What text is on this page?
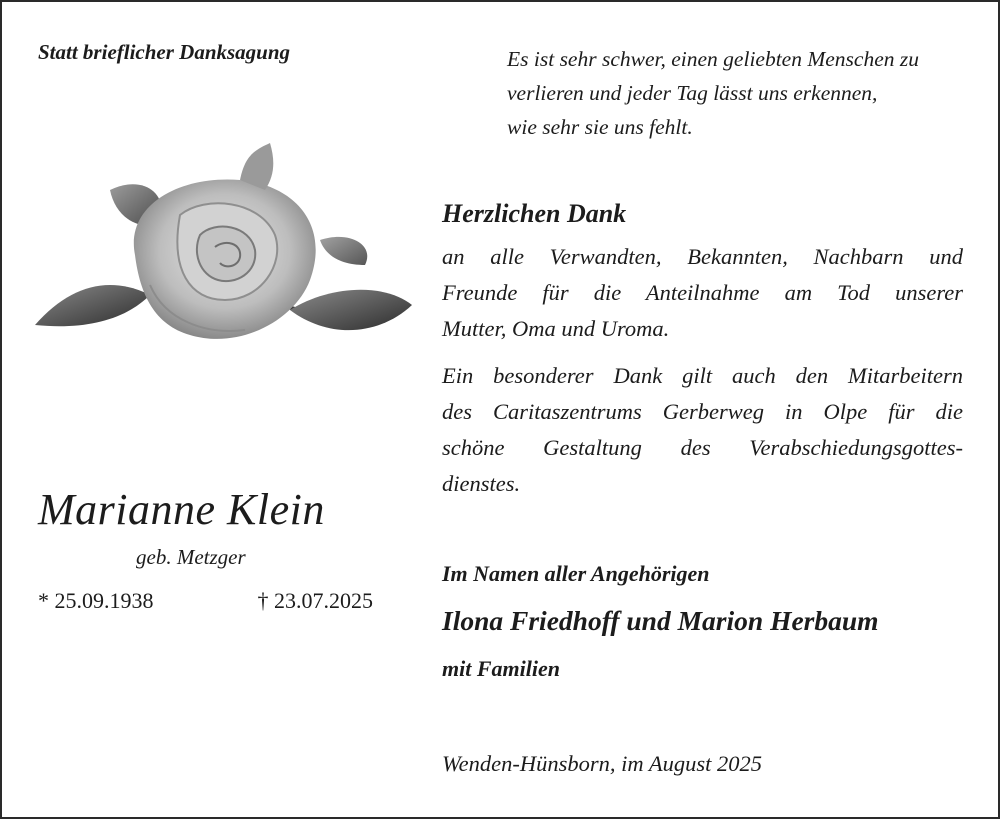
Statt brieflicher Danksagung	Es ist sehr schwer, einen geliebten Menschen zu
verlieren und jeder Tag lässt uns erkennen,
wie sehr sie uns fehlt.
Marianne Klein
geb. Metzger
* 25.09.1938	† 23.07.2025
Herzlichen Dank
an alle Verwandten, Bekannten, Nachbarn und
Freunde für die Anteilnahme am Tod unserer
Mutter, Oma und Uroma.
Ein besonderer Dank gilt auch den Mitarbeitern
des Caritaszentrums Gerberweg in Olpe für die
schöne Gestaltung des Verabschiedungsgottes-
dienstes.
Im Namen aller Angehörigen
Ilona Friedhoff und Marion Herbaum
mit Familien
Wenden-Hünsborn, im August 2025
